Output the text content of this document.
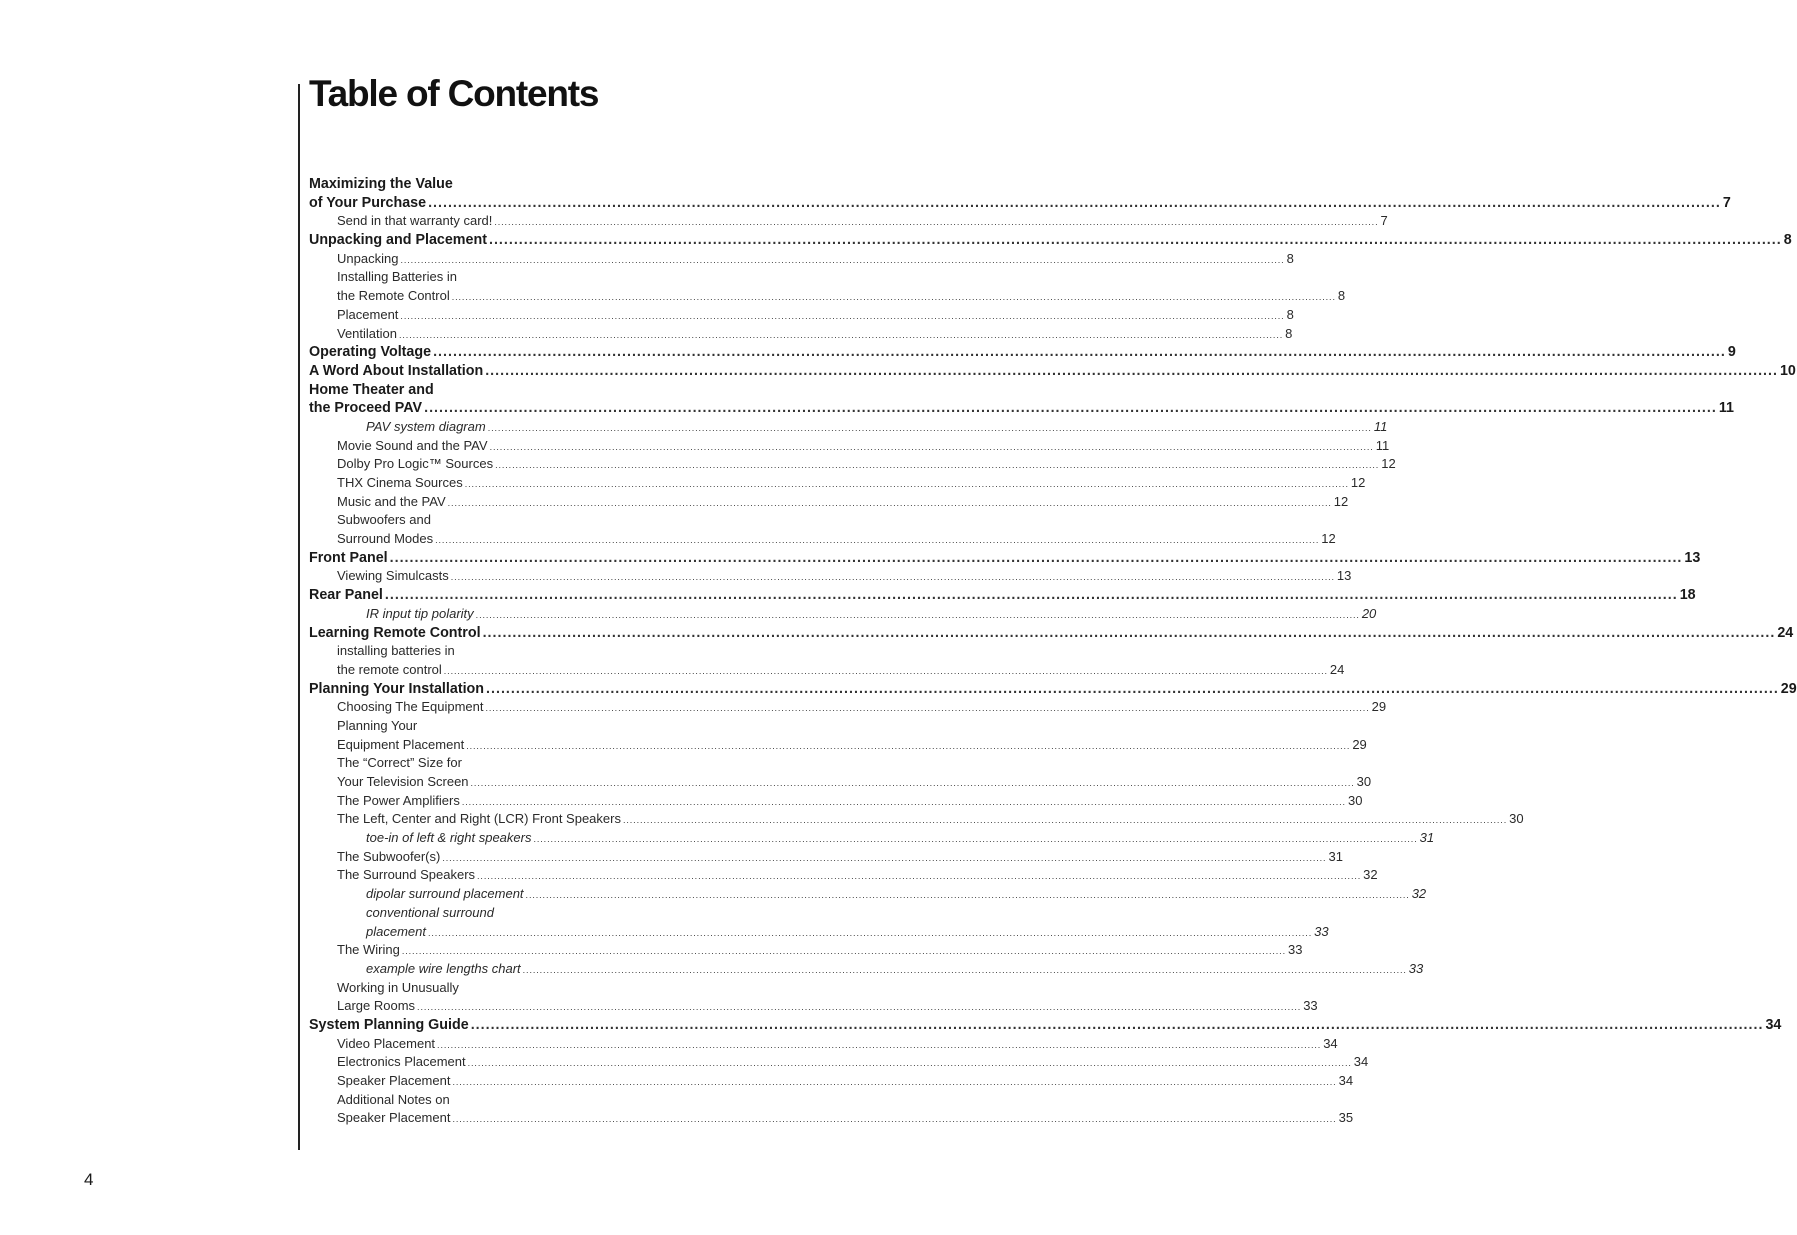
Table of Contents
Maximizing the Value
of Your Purchase .................................................................................................................................................................................................................................................................... 7
Send in that warranty card! .................................................................................................................................................................................................................................................................... 7
Unpacking and Placement .................................................................................................................................................................................................................................................................... 8
Unpacking .................................................................................................................................................................................................................................................................... 8
Installing Batteries in
the Remote Control .................................................................................................................................................................................................................................................................... 8
Placement .................................................................................................................................................................................................................................................................... 8
Ventilation .................................................................................................................................................................................................................................................................... 8
Operating Voltage .................................................................................................................................................................................................................................................................... 9
A Word About Installation .................................................................................................................................................................................................................................................................... 10
Home Theater and
the Proceed PAV .................................................................................................................................................................................................................................................................... 11
PAV system diagram .................................................................................................................................................................................................................................................................... 11
Movie Sound and the PAV .................................................................................................................................................................................................................................................................... 11
Dolby Pro Logic™ Sources .................................................................................................................................................................................................................................................................... 12
THX Cinema Sources .................................................................................................................................................................................................................................................................... 12
Music and the PAV .................................................................................................................................................................................................................................................................... 12
Subwoofers and
Surround Modes .................................................................................................................................................................................................................................................................... 12
Front Panel .................................................................................................................................................................................................................................................................... 13
Viewing Simulcasts .................................................................................................................................................................................................................................................................... 13
Rear Panel .................................................................................................................................................................................................................................................................... 18
IR input tip polarity .................................................................................................................................................................................................................................................................... 20
Learning Remote Control .................................................................................................................................................................................................................................................................... 24
installing batteries in
the remote control .................................................................................................................................................................................................................................................................... 24
Planning Your Installation .................................................................................................................................................................................................................................................................... 29
Choosing The Equipment .................................................................................................................................................................................................................................................................... 29
Planning Your
Equipment Placement .................................................................................................................................................................................................................................................................... 29
The “Correct” Size for
Your Television Screen .................................................................................................................................................................................................................................................................... 30
The Power Amplifiers .................................................................................................................................................................................................................................................................... 30
The Left, Center and Right (LCR) Front Speakers .................................................................................................................................................................................................................................................................... 30
toe-in of left & right speakers .................................................................................................................................................................................................................................................................... 31
The Subwoofer(s) .................................................................................................................................................................................................................................................................... 31
The Surround Speakers .................................................................................................................................................................................................................................................................... 32
dipolar surround placement .................................................................................................................................................................................................................................................................... 32
conventional surround
placement .................................................................................................................................................................................................................................................................... 33
The Wiring .................................................................................................................................................................................................................................................................... 33
example wire lengths chart .................................................................................................................................................................................................................................................................... 33
Working in Unusually
Large Rooms .................................................................................................................................................................................................................................................................... 33
System Planning Guide .................................................................................................................................................................................................................................................................... 34
Video Placement .................................................................................................................................................................................................................................................................... 34
Electronics Placement .................................................................................................................................................................................................................................................................... 34
Speaker Placement .................................................................................................................................................................................................................................................................... 34
Additional Notes on
Speaker Placement .................................................................................................................................................................................................................................................................... 35
4
